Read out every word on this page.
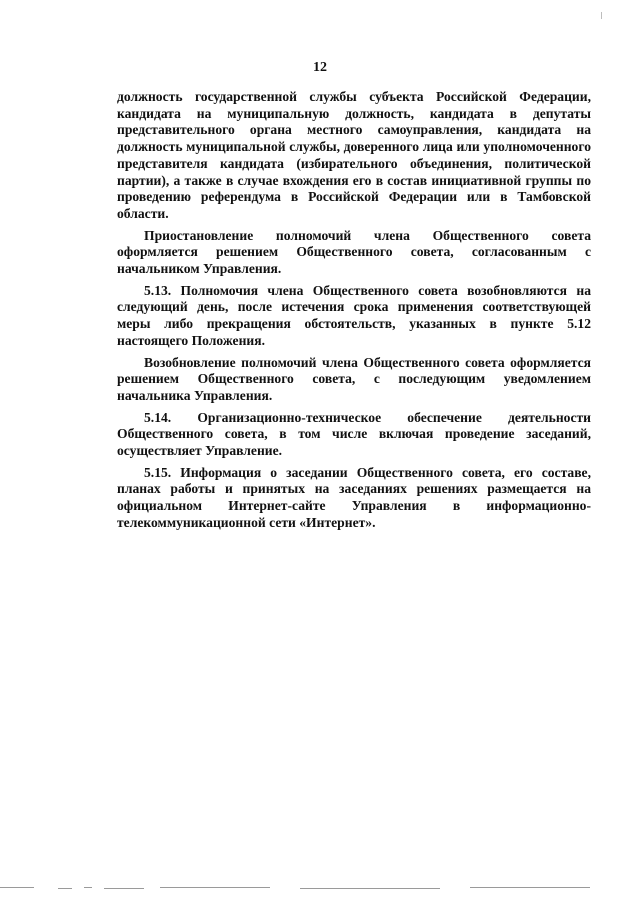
12

должность государственной службы субъекта Российской Федерации, кандидата на муниципальную должность, кандидата в депутаты представительного органа местного самоуправления, кандидата на должность муниципальной службы, доверенного лица или уполномоченного представителя кандидата (избирательного объединения, политической партии), а также в случае вхождения его в состав инициативной группы по проведению референдума в Российской Федерации или в Тамбовской области.

Приостановление полномочий члена Общественного совета оформляется решением Общественного совета, согласованным с начальником Управления.

5.13. Полномочия члена Общественного совета возобновляются на следующий день, после истечения срока применения соответствующей меры либо прекращения обстоятельств, указанных в пункте 5.12 настоящего Положения.

Возобновление полномочий члена Общественного совета оформляется решением Общественного совета, с последующим уведомлением начальника Управления.

5.14. Организационно-техническое обеспечение деятельности Общественного совета, в том числе включая проведение заседаний, осуществляет Управление.

5.15. Информация о заседании Общественного совета, его составе, планах работы и принятых на заседаниях решениях размещается на официальном Интернет-сайте Управления в информационно-телекоммуникационной сети «Интернет».
